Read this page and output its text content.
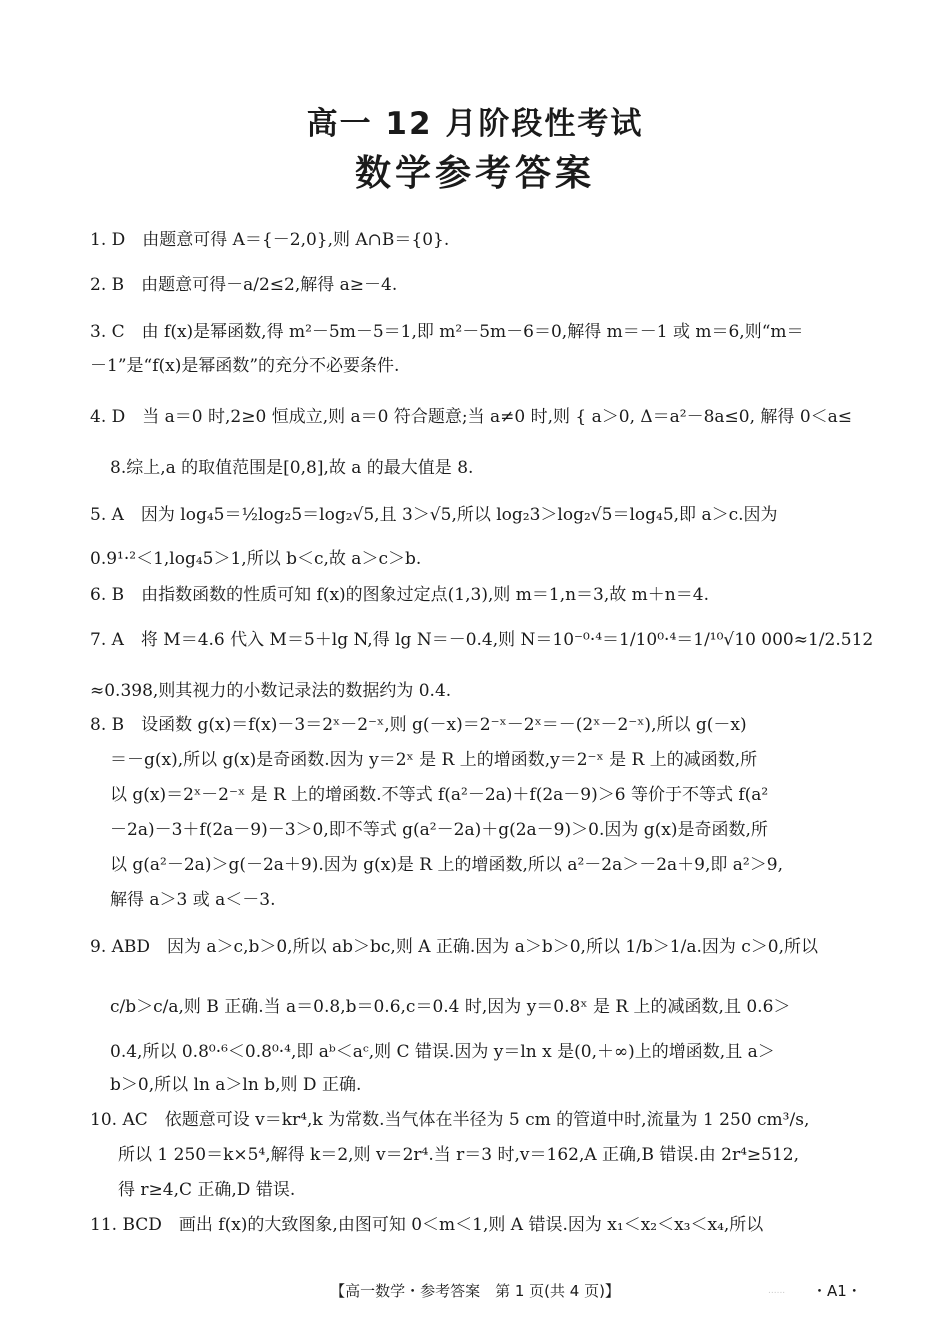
高一 12 月阶段性考试
数学参考答案
1. D　由题意可得 A＝{－2,0},则 A∩B＝{0}.
2. B　由题意可得－a/2≤2,解得 a≥－4.
3. C　由 f(x)是幂函数,得 m²－5m－5＝1,即 m²－5m－6＝0,解得 m＝－1 或 m＝6,则“m＝
－1”是“f(x)是幂函数”的充分不必要条件.
4. D　当 a＝0 时,2≥0 恒成立,则 a＝0 符合题意;当 a≠0 时,则 { a＞0, Δ＝a²－8a≤0, 解得 0＜a≤
8.综上,a 的取值范围是[0,8],故 a 的最大值是 8.
5. A　因为 log₄5＝½log₂5＝log₂√5,且 3＞√5,所以 log₂3＞log₂√5＝log₄5,即 a＞c.因为
0.9¹·²＜1,log₄5＞1,所以 b＜c,故 a＞c＞b.
6. B　由指数函数的性质可知 f(x)的图象过定点(1,3),则 m＝1,n＝3,故 m＋n＝4.
7. A　将 M＝4.6 代入 M＝5＋lg N,得 lg N＝－0.4,则 N＝10⁻⁰·⁴＝1/10⁰·⁴＝1/¹⁰√10 000≈1/2.512
≈0.398,则其视力的小数记录法的数据约为 0.4.
8. B　设函数 g(x)＝f(x)－3＝2ˣ－2⁻ˣ,则 g(－x)＝2⁻ˣ－2ˣ＝－(2ˣ－2⁻ˣ),所以 g(－x)
＝－g(x),所以 g(x)是奇函数.因为 y＝2ˣ 是 R 上的增函数,y＝2⁻ˣ 是 R 上的减函数,所
以 g(x)＝2ˣ－2⁻ˣ 是 R 上的增函数.不等式 f(a²－2a)＋f(2a－9)＞6 等价于不等式 f(a²
－2a)－3＋f(2a－9)－3＞0,即不等式 g(a²－2a)＋g(2a－9)＞0.因为 g(x)是奇函数,所
以 g(a²－2a)＞g(－2a＋9).因为 g(x)是 R 上的增函数,所以 a²－2a＞－2a＋9,即 a²＞9,
解得 a＞3 或 a＜－3.
9. ABD　因为 a＞c,b＞0,所以 ab＞bc,则 A 正确.因为 a＞b＞0,所以 1/b＞1/a.因为 c＞0,所以
c/b＞c/a,则 B 正确.当 a＝0.8,b＝0.6,c＝0.4 时,因为 y＝0.8ˣ 是 R 上的减函数,且 0.6＞
0.4,所以 0.8⁰·⁶＜0.8⁰·⁴,即 aᵇ＜aᶜ,则 C 错误.因为 y＝ln x 是(0,＋∞)上的增函数,且 a＞
b＞0,所以 ln a＞ln b,则 D 正确.
10. AC　依题意可设 v＝kr⁴,k 为常数.当气体在半径为 5 cm 的管道中时,流量为 1 250 cm³/s,
所以 1 250＝k×5⁴,解得 k＝2,则 v＝2r⁴.当 r＝3 时,v＝162,A 正确,B 错误.由 2r⁴≥512,
得 r≥4,C 正确,D 错误.
11. BCD　画出 f(x)的大致图象,由图可知 0＜m＜1,则 A 错误.因为 x₁＜x₂＜x₃＜x₄,所以
【高一数学・参考答案　第 1 页(共 4 页)】	...... ・A1・
